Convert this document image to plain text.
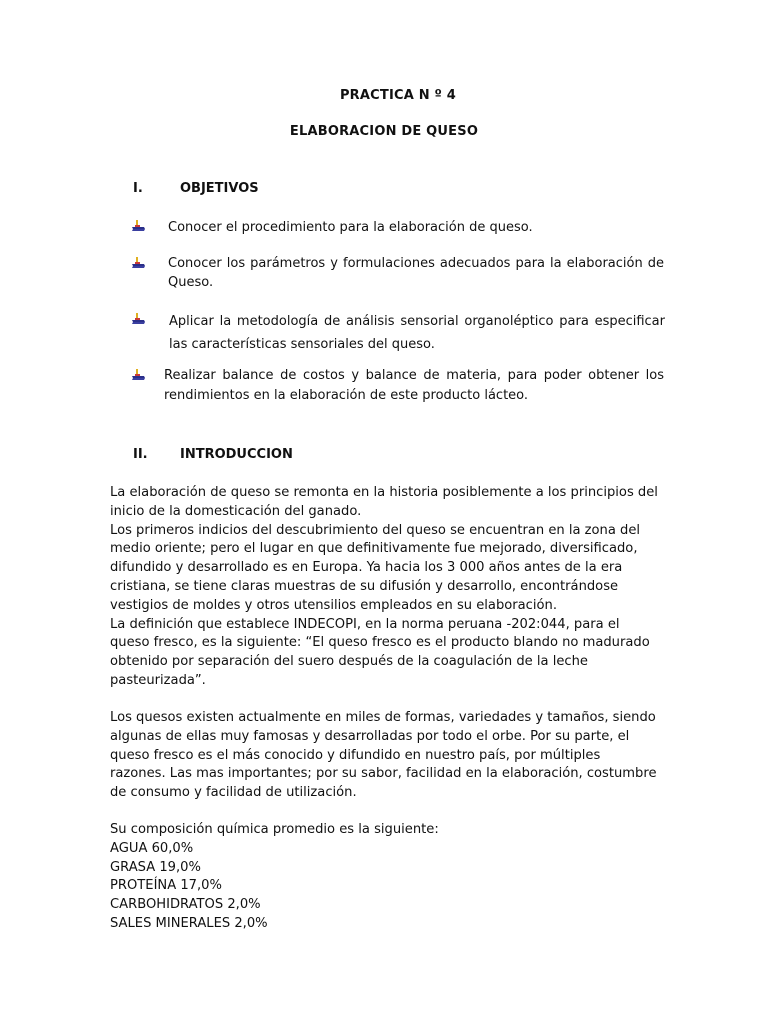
PRACTICA N º 4
ELABORACION DE QUESO
I.	OBJETIVOS
Conocer el procedimiento para la elaboración de queso.
Conocer los parámetros y formulaciones adecuados para la elaboración de Queso.
Aplicar la metodología de análisis sensorial organoléptico para especificar las características sensoriales del queso.
Realizar balance de costos y balance de materia, para poder obtener los rendimientos en la elaboración de este producto lácteo.
II. INTRODUCCION

La elaboración de queso se remonta en la historia posiblemente a los principios del inicio de la domesticación del ganado.

Los primeros indicios del descubrimiento del queso se encuentran en la zona del medio oriente; pero el lugar en que definitivamente fue mejorado, diversificado, difundido y desarrollado es en Europa. Ya hacia los 3 000 años antes de la era cristiana, se tiene claras muestras de su difusión y desarrollo, encontrándose vestigios de moldes y otros utensilios empleados en su elaboración.

La definición que establece INDECOPI, en la norma peruana -202:044, para el queso fresco, es la siguiente: “El queso fresco es el producto blando no madurado obtenido por separación del suero después de la coagulación de la leche pasteurizada”.

Los quesos existen actualmente en miles de formas, variedades y tamaños, siendo algunas de ellas muy famosas y desarrolladas por todo el orbe. Por su parte, el queso fresco es el más conocido y difundido en nuestro país, por múltiples razones. Las mas importantes; por su sabor, facilidad en la elaboración, costumbre de consumo y facilidad de utilización.

Su composición química promedio es la siguiente:
AGUA 60,0%
GRASA 19,0%
PROTEÍNA 17,0%
CARBOHIDRATOS 2,0%
SALES MINERALES 2,0%
